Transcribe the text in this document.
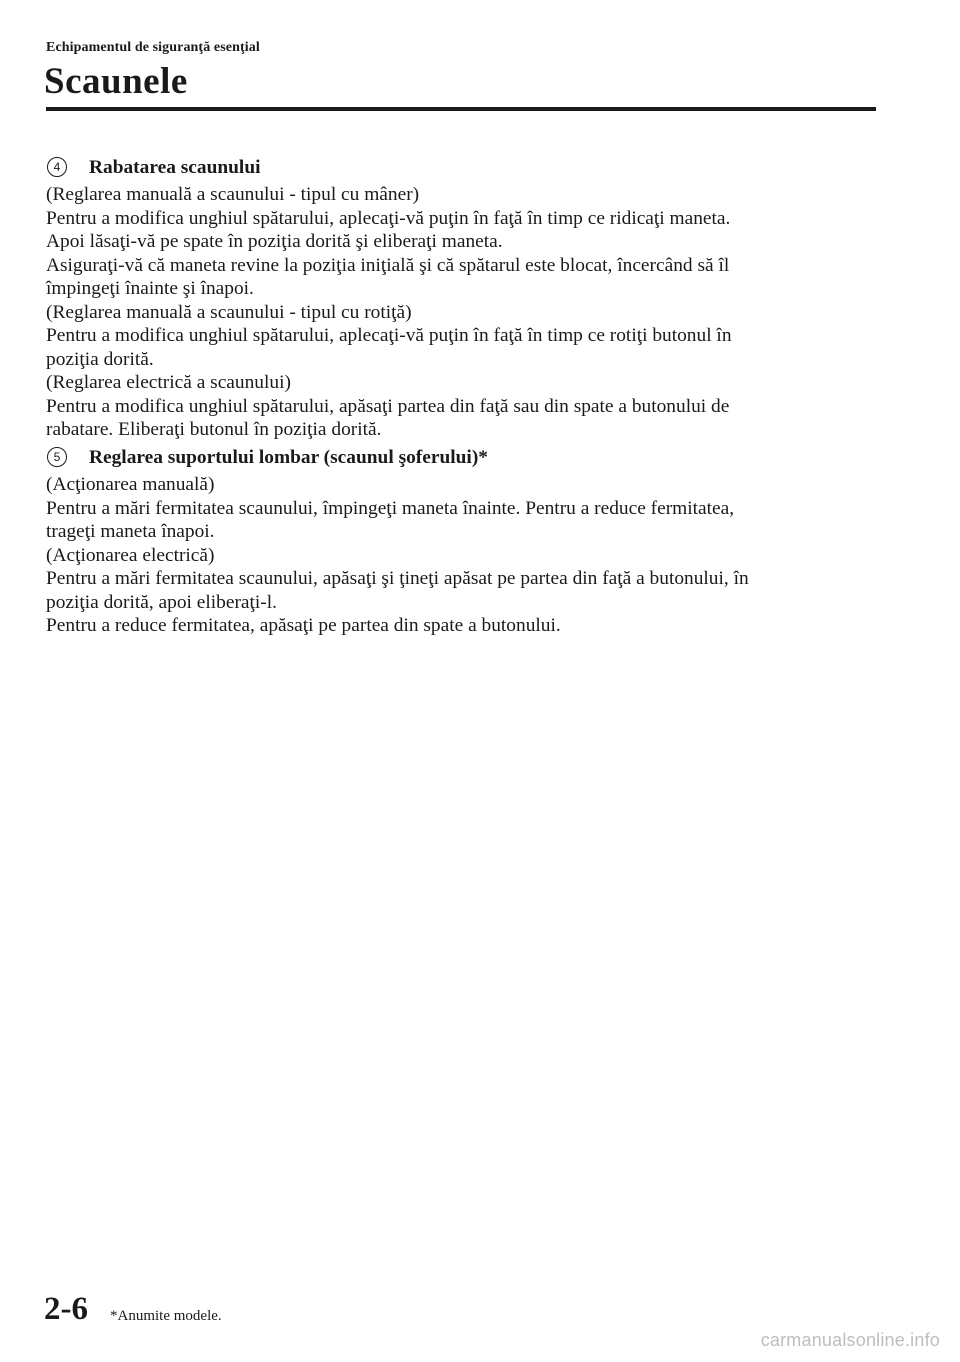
Echipamentul de siguranţă esenţial
Scaunele
4 Rabatarea scaunului
(Reglarea manuală a scaunului - tipul cu mâner)
Pentru a modifica unghiul spătarului, aplecaţi-vă puţin în faţă în timp ce ridicaţi maneta.
Apoi lăsaţi-vă pe spate în poziţia dorită şi eliberaţi maneta.
Asiguraţi-vă că maneta revine la poziţia iniţială şi că spătarul este blocat, încercând să îl
împingeţi înainte şi înapoi.
(Reglarea manuală a scaunului - tipul cu rotiţă)
Pentru a modifica unghiul spătarului, aplecaţi-vă puţin în faţă în timp ce rotiţi butonul în
poziţia dorită.
(Reglarea electrică a scaunului)
Pentru a modifica unghiul spătarului, apăsaţi partea din faţă sau din spate a butonului de
rabatare. Eliberaţi butonul în poziţia dorită.
5 Reglarea suportului lombar (scaunul şoferului)*
(Acţionarea manuală)
Pentru a mări fermitatea scaunului, împingeţi maneta înainte. Pentru a reduce fermitatea,
trageţi maneta înapoi.
(Acţionarea electrică)
Pentru a mări fermitatea scaunului, apăsaţi şi ţineţi apăsat pe partea din faţă a butonului, în
poziţia dorită, apoi eliberaţi-l.
Pentru a reduce fermitatea, apăsaţi pe partea din spate a butonului.
2-6 *Anumite modele.
carmanualsonline.info
